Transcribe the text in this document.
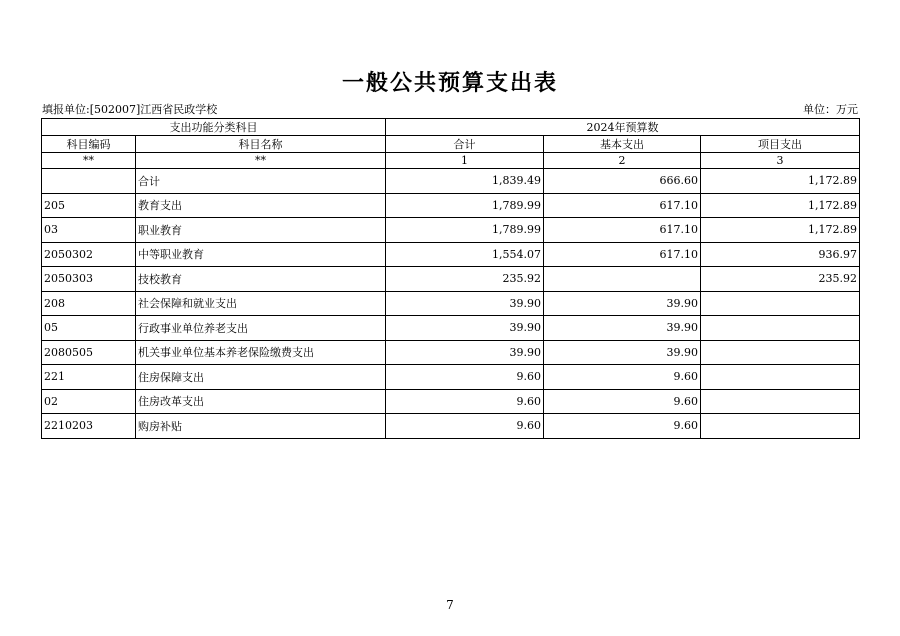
一般公共预算支出表
填报单位:[502007]江西省民政学校	单位：万元
支出功能分类科目		2024年预算数		
科目编码	科目名称	合计	基本支出	项目支出
**	**	1	2	3
	合计	1,839.49	666.60	1,172.89
205	教育支出	1,789.99	617.10	1,172.89
03	职业教育	1,789.99	617.10	1,172.89
2050302	中等职业教育	1,554.07	617.10	936.97
2050303	技校教育	235.92		235.92
208	社会保障和就业支出	39.90	39.90	
05	行政事业单位养老支出	39.90	39.90	
2080505	机关事业单位基本养老保险缴费支出	39.90	39.90	
221	住房保障支出	9.60	9.60	
02	住房改革支出	9.60	9.60	
2210203	购房补贴	9.60	9.60	
7
